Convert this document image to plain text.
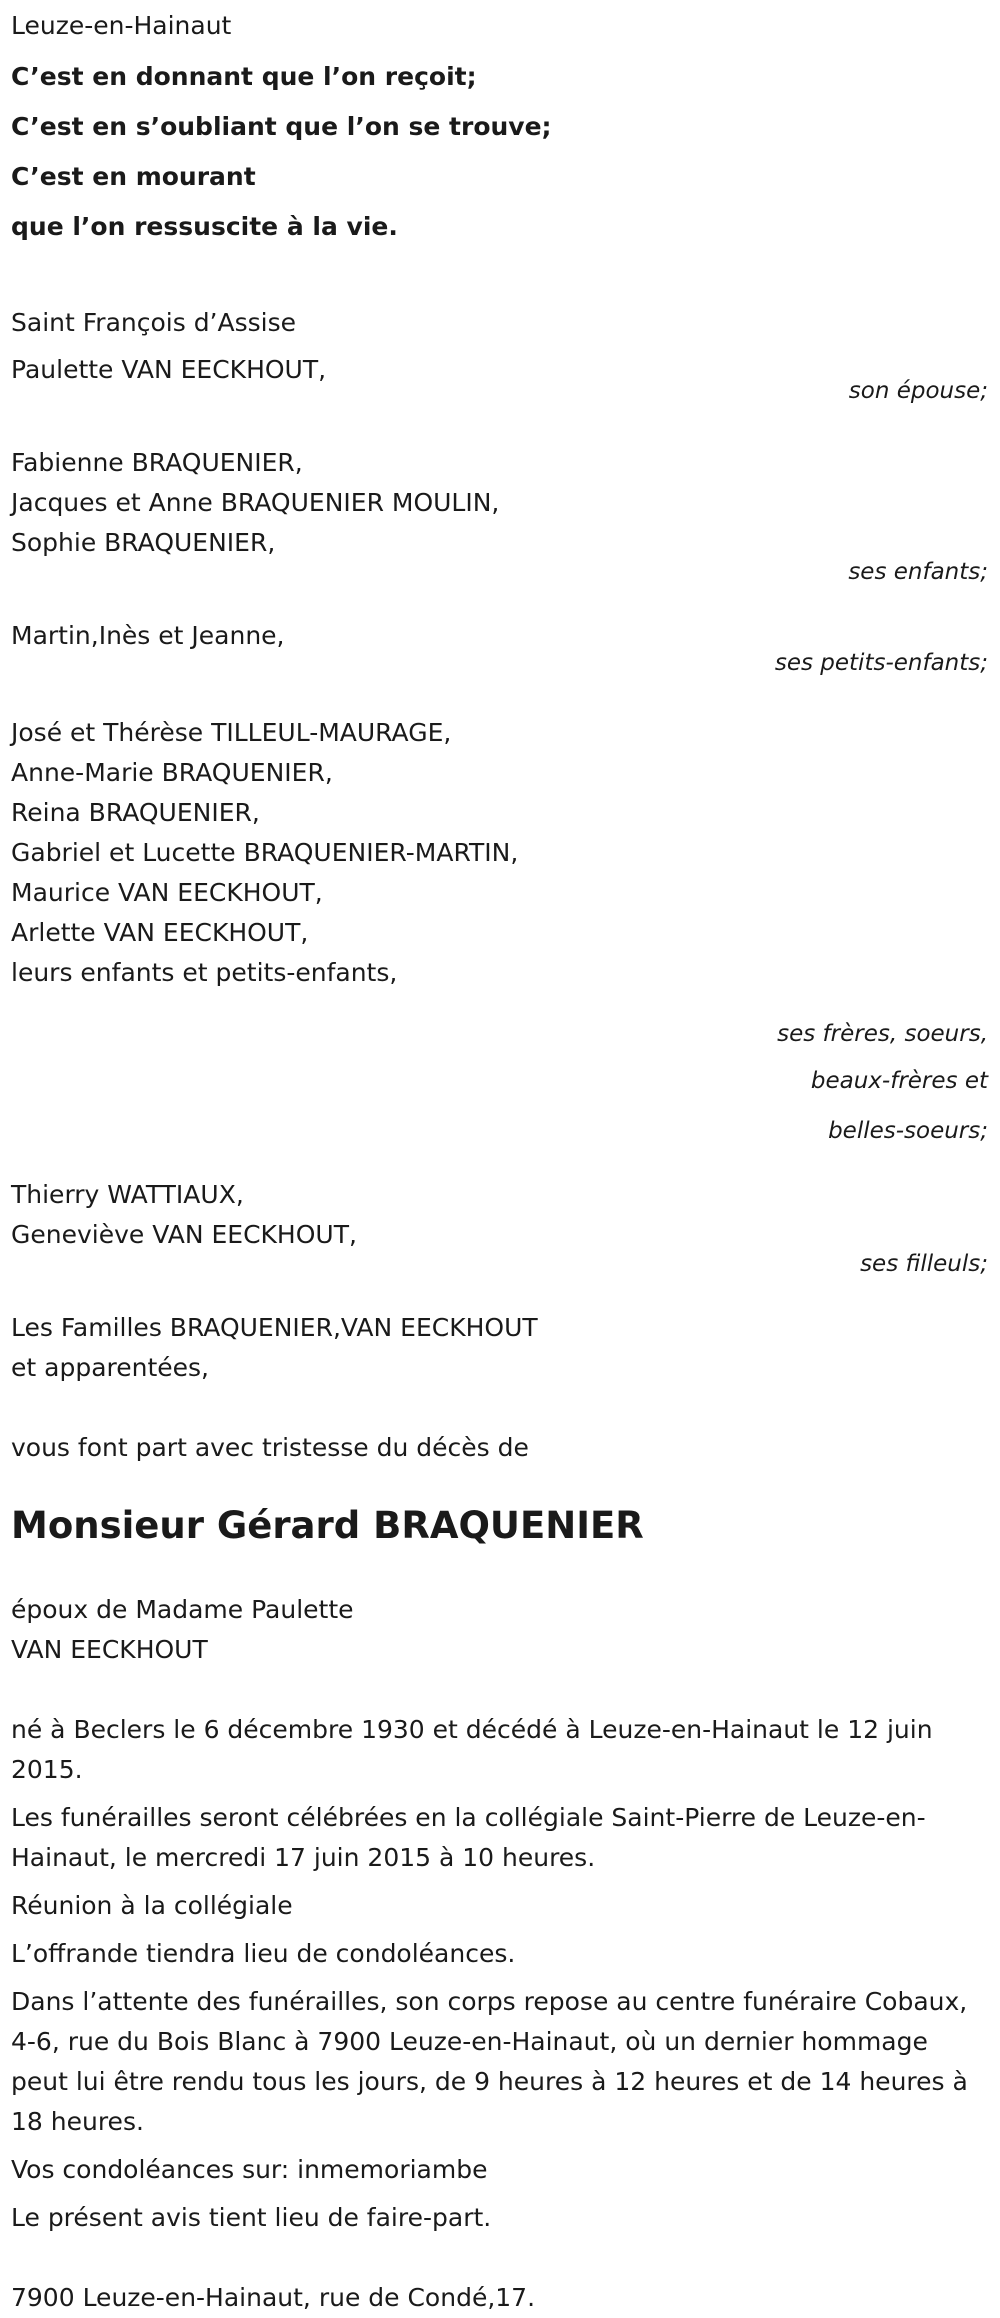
Leuze-en-Hainaut

C’est en donnant que l’on reçoit;

C’est en s’oubliant que l’on se trouve;

C’est en mourant

que l’on ressuscite à la vie.

Saint François d’Assise

Paulette VAN EECKHOUT,

son épouse;

Fabienne BRAQUENIER,

Jacques et Anne BRAQUENIER MOULIN,

Sophie BRAQUENIER,

ses enfants;

Martin,Inès et Jeanne,

ses petits-enfants;

José et Thérèse TILLEUL-MAURAGE,

Anne-Marie BRAQUENIER,

Reina BRAQUENIER,

Gabriel et Lucette BRAQUENIER-MARTIN,

Maurice VAN EECKHOUT,

Arlette VAN EECKHOUT,

leurs enfants et petits-enfants,

ses frères, soeurs,

beaux-frères et

belles-soeurs;

Thierry WATTIAUX,

Geneviève VAN EECKHOUT,

ses filleuls;

Les Familles BRAQUENIER,VAN EECKHOUT

et apparentées,

vous font part avec tristesse du décès de

Monsieur Gérard BRAQUENIER

époux de Madame Paulette

VAN EECKHOUT

né à Beclers le 6 décembre 1930 et décédé à Leuze-en-Hainaut le 12 juin 2015.

Les funérailles seront célébrées en la collégiale Saint-Pierre de Leuze-en-Hainaut, le mercredi 17 juin 2015 à 10 heures.

Réunion à la collégiale

L’offrande tiendra lieu de condoléances.

Dans l’attente des funérailles, son corps repose au centre funéraire Cobaux, 4-6, rue du Bois Blanc à 7900 Leuze-en-Hainaut, où un dernier hommage peut lui être rendu tous les jours, de 9 heures à 12 heures et de 14 heures à 18 heures.

Vos condoléances sur: inmemoriambe

Le présent avis tient lieu de faire-part.

7900 Leuze-en-Hainaut, rue de Condé,17.
